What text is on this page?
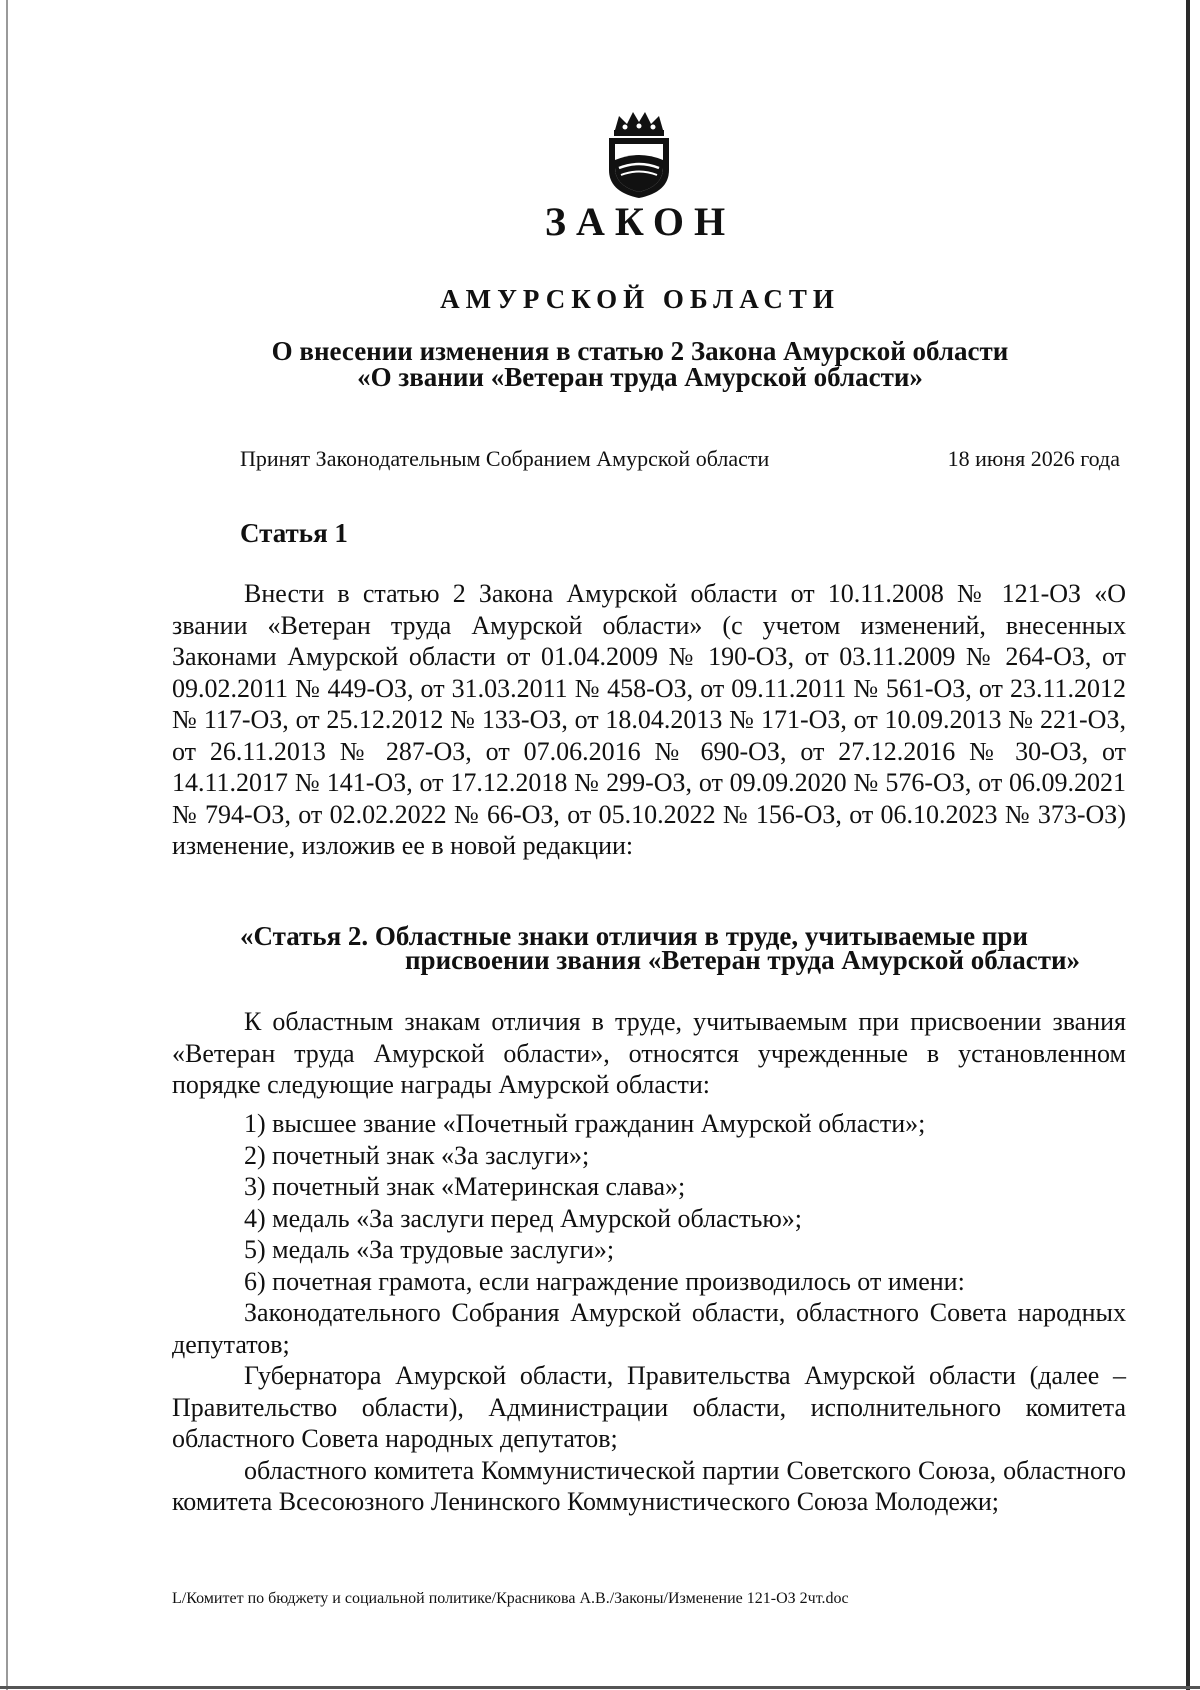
ЗАКОН
АМУРСКОЙ ОБЛАСТИ
О внесении изменения в статью 2 Закона Амурской области
«О звании «Ветеран труда Амурской области»
Принят Законодательным Собранием Амурской области	18 июня 2026 года
Статья 1
Внести в статью 2 Закона Амурской области от 10.11.2008 № 121-ОЗ «О звании «Ветеран труда Амурской области» (с учетом изменений, внесенных Законами Амурской области от 01.04.2009 № 190-ОЗ, от 03.11.2009 № 264-ОЗ, от 09.02.2011 № 449-ОЗ, от 31.03.2011 № 458-ОЗ, от 09.11.2011 № 561-ОЗ, от 23.11.2012 № 117-ОЗ, от 25.12.2012 № 133-ОЗ, от 18.04.2013 № 171-ОЗ, от 10.09.2013 № 221-ОЗ, от 26.11.2013 № 287-ОЗ, от 07.06.2016 № 690-ОЗ, от 27.12.2016 № 30-ОЗ, от 14.11.2017 № 141-ОЗ, от 17.12.2018 № 299-ОЗ, от 09.09.2020 № 576-ОЗ, от 06.09.2021 № 794-ОЗ, от 02.02.2022 № 66-ОЗ, от 05.10.2022 № 156-ОЗ, от 06.10.2023 № 373-ОЗ) изменение, изложив ее в новой редакции:
«Статья 2. Областные знаки отличия в труде, учитываемые при
присвоении звания «Ветеран труда Амурской области»
К областным знакам отличия в труде, учитываемым при присвоении звания «Ветеран труда Амурской области», относятся учрежденные в установленном порядке следующие награды Амурской области:
1) высшее звание «Почетный гражданин Амурской области»;
2) почетный знак «За заслуги»;
3) почетный знак «Материнская слава»;
4) медаль «За заслуги перед Амурской областью»;
5) медаль «За трудовые заслуги»;
6) почетная грамота, если награждение производилось от имени:
Законодательного Собрания Амурской области, областного Совета народных депутатов;
Губернатора Амурской области, Правительства Амурской области (далее – Правительство области), Администрации области, исполнительного комитета областного Совета народных депутатов;
областного комитета Коммунистической партии Советского Союза, областного комитета Всесоюзного Ленинского Коммунистического Союза Молодежи;
L/Комитет по бюджету и социальной политике/Красникова А.В./Законы/Изменение 121-ОЗ 2чт.doc
